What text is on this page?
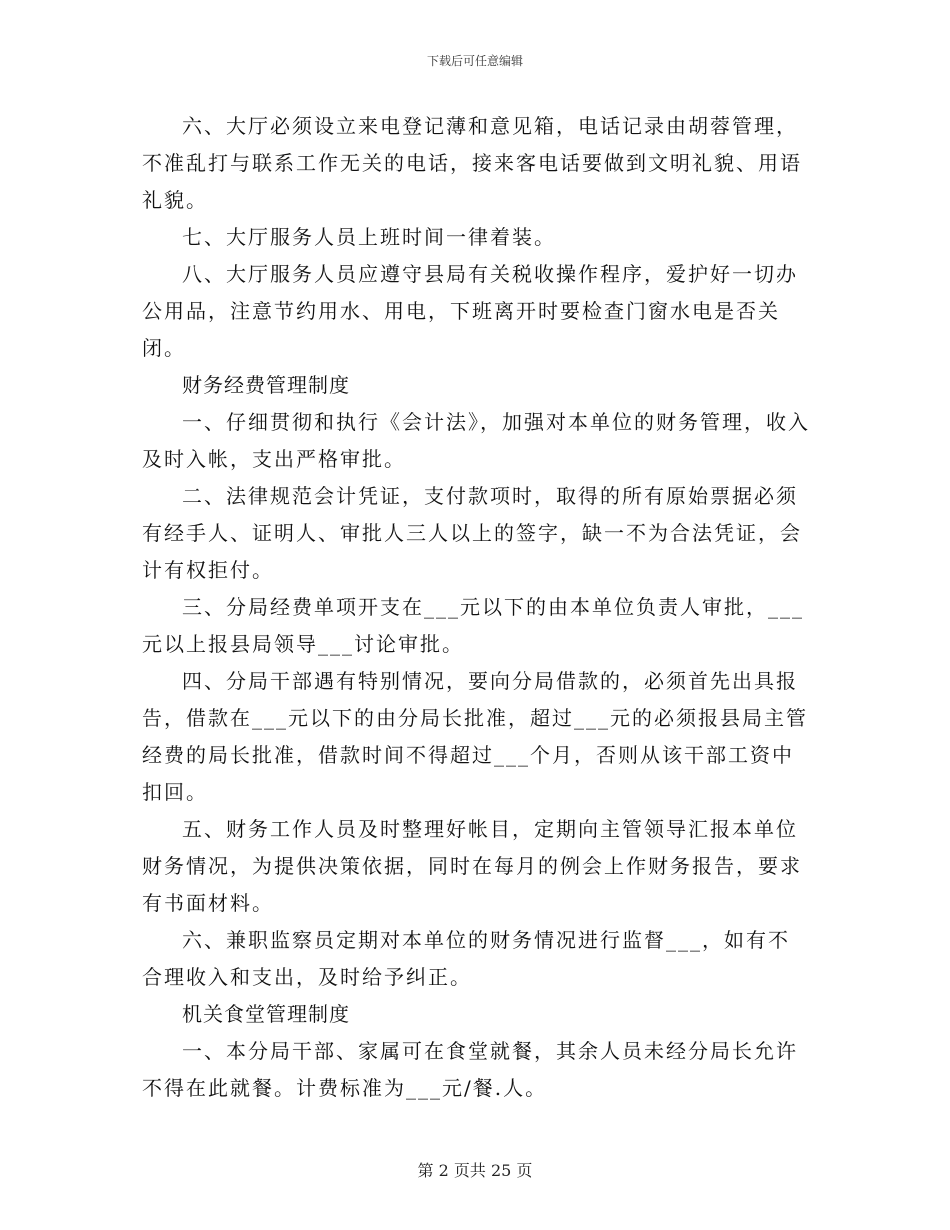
下载后可任意编辑
六、大厅必须设立来电登记薄和意见箱，电话记录由胡蓉管理，不准乱打与联系工作无关的电话，接来客电话要做到文明礼貌、用语礼貌。
七、大厅服务人员上班时间一律着装。
八、大厅服务人员应遵守县局有关税收操作程序，爱护好一切办公用品，注意节约用水、用电，下班离开时要检查门窗水电是否关闭。
财务经费管理制度
一、仔细贯彻和执行《会计法》，加强对本单位的财务管理，收入及时入帐，支出严格审批。
二、法律规范会计凭证，支付款项时，取得的所有原始票据必须有经手人、证明人、审批人三人以上的签字，缺一不为合法凭证，会计有权拒付。
三、分局经费单项开支在___元以下的由本单位负责人审批，___元以上报县局领导___讨论审批。
四、分局干部遇有特别情况，要向分局借款的，必须首先出具报告，借款在___元以下的由分局长批准，超过___元的必须报县局主管经费的局长批准，借款时间不得超过___个月，否则从该干部工资中扣回。
五、财务工作人员及时整理好帐目，定期向主管领导汇报本单位财务情况，为提供决策依据，同时在每月的例会上作财务报告，要求有书面材料。
六、兼职监察员定期对本单位的财务情况进行监督___，如有不合理收入和支出，及时给予纠正。
机关食堂管理制度
一、本分局干部、家属可在食堂就餐，其余人员未经分局长允许不得在此就餐。计费标准为___元/餐.人。
第 2 页共 25 页
